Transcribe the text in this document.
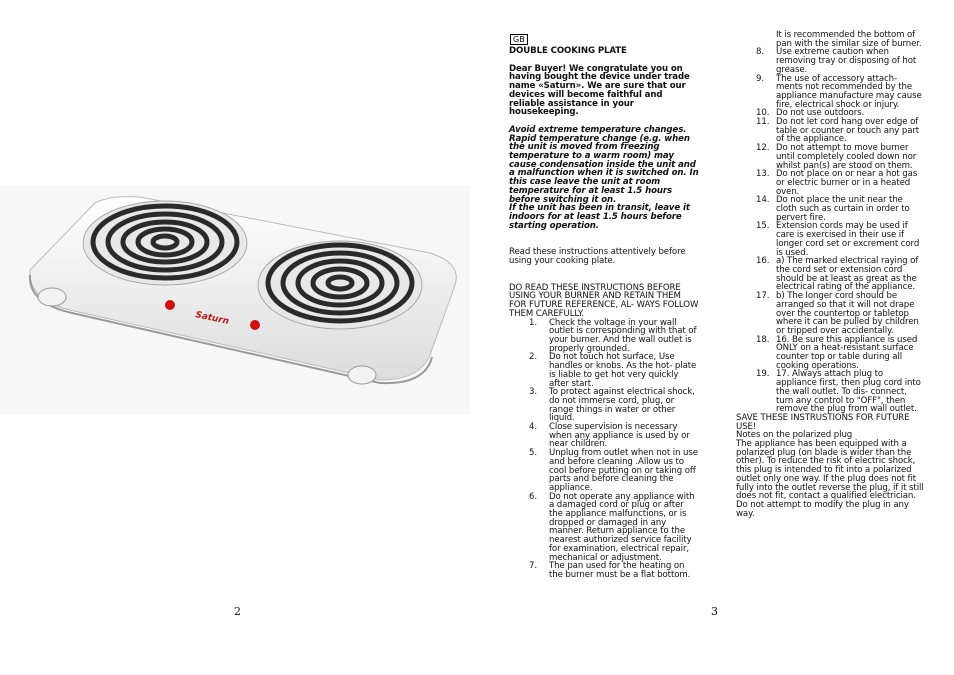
Saturn
2
GB
DOUBLE COOKING PLATE
Dear Buyer! We congratulate you on having bought the device under trade name «Saturn». We are sure that our devices will become faithful and reliable assistance in your housekeeping.
Avoid extreme temperature changes. Rapid temperature change (e.g. when the unit is moved from freezing temperature to a warm room) may cause condensation inside the unit and a malfunction when it is switched on. In this case leave the unit at room temperature for at least 1.5 hours before switching it on.
If the unit has been in transit, leave it indoors for at least 1.5 hours before starting operation.
Read these instructions attentively before using your cooking plate.
DO READ THESE INSTRUCTIONS BEFORE USING YOUR BURNER AND RETAIN THEM FOR FUTURE REFERENCE, AL- WAYS FOLLOW THEM CAREFULLY.
1.	Check the voltage in your wall outlet is corresponding with that of your burner. And the wall outlet is properly grounded.
2.	Do not touch hot surface, Use handles or knobs. As the hot- plate is liable to get hot very quickly after start.
3.	To protect against electrical shock, do not immerse cord, plug, or range things in water or other liquid.
4.	Close supervision is necessary when any appliance is used by or near children.
5.	Unplug from outlet when not in use and before cleaning .Allow us to cool before putting on or taking off parts and before cleaning the appliance.
6.	Do not operate any appliance with a damaged cord or plug or after the appliance malfunctions, or is dropped or damaged in any manner. Return appliance to the nearest authorized service facility for examination, electrical repair, mechanical or adjustment.
7.	The pan used for the heating on the burner must be a flat bottom.
It is recommended the bottom of pan with the similar size of burner.
8.	Use extreme caution when removing tray or disposing of hot grease.
9.	The use of accessory attach- ments not recommended by the appliance manufacture may cause fire, electrical shock or injury.
10. Do not use outdoors.
11. Do not let cord hang over edge of table or counter or touch any part of the appliance.
12. Do not attempt to move burner until completely cooled down nor whilst pan(s) are stood on them.
13. Do not place on or near a hot gas or electric burner or in a heated oven.
14. Do not place the unit near the cloth such as curtain in order to pervert fire.
15. Extension cords may be used if care is exercised in their use if longer cord set or excrement cord is used.
16. a) The marked electrical raying of the cord set or extension cord should be at least as great as the electrical rating of the appliance.
17. b) The longer cord should be arranged so that it will not drape over the countertop or tabletop where it can be pulled by children or tripped over accidentally.
18. 16. Be sure this appliance is used ONLY on a heat-resistant surface counter top or table during all cooking operations.
19. 17. Always attach plug to appliance first, then plug cord into the wall outlet. To dis- connect, turn any control to "OFF", then remove the plug from wall outlet.
SAVE THESE INSTRUSTIONS FOR FUTURE USE!
Notes on the polarized plug
The appliance has been equipped with a polarized plug (on blade is wider than the other). To reduce the risk of electric shock, this plug is intended to fit into a polarized outlet only one way. If the plug does not fit fully into the outlet reverse the plug, if it still does not fit, contact a qualified electrician.
Do not attempt to modify the plug in any way.
3
